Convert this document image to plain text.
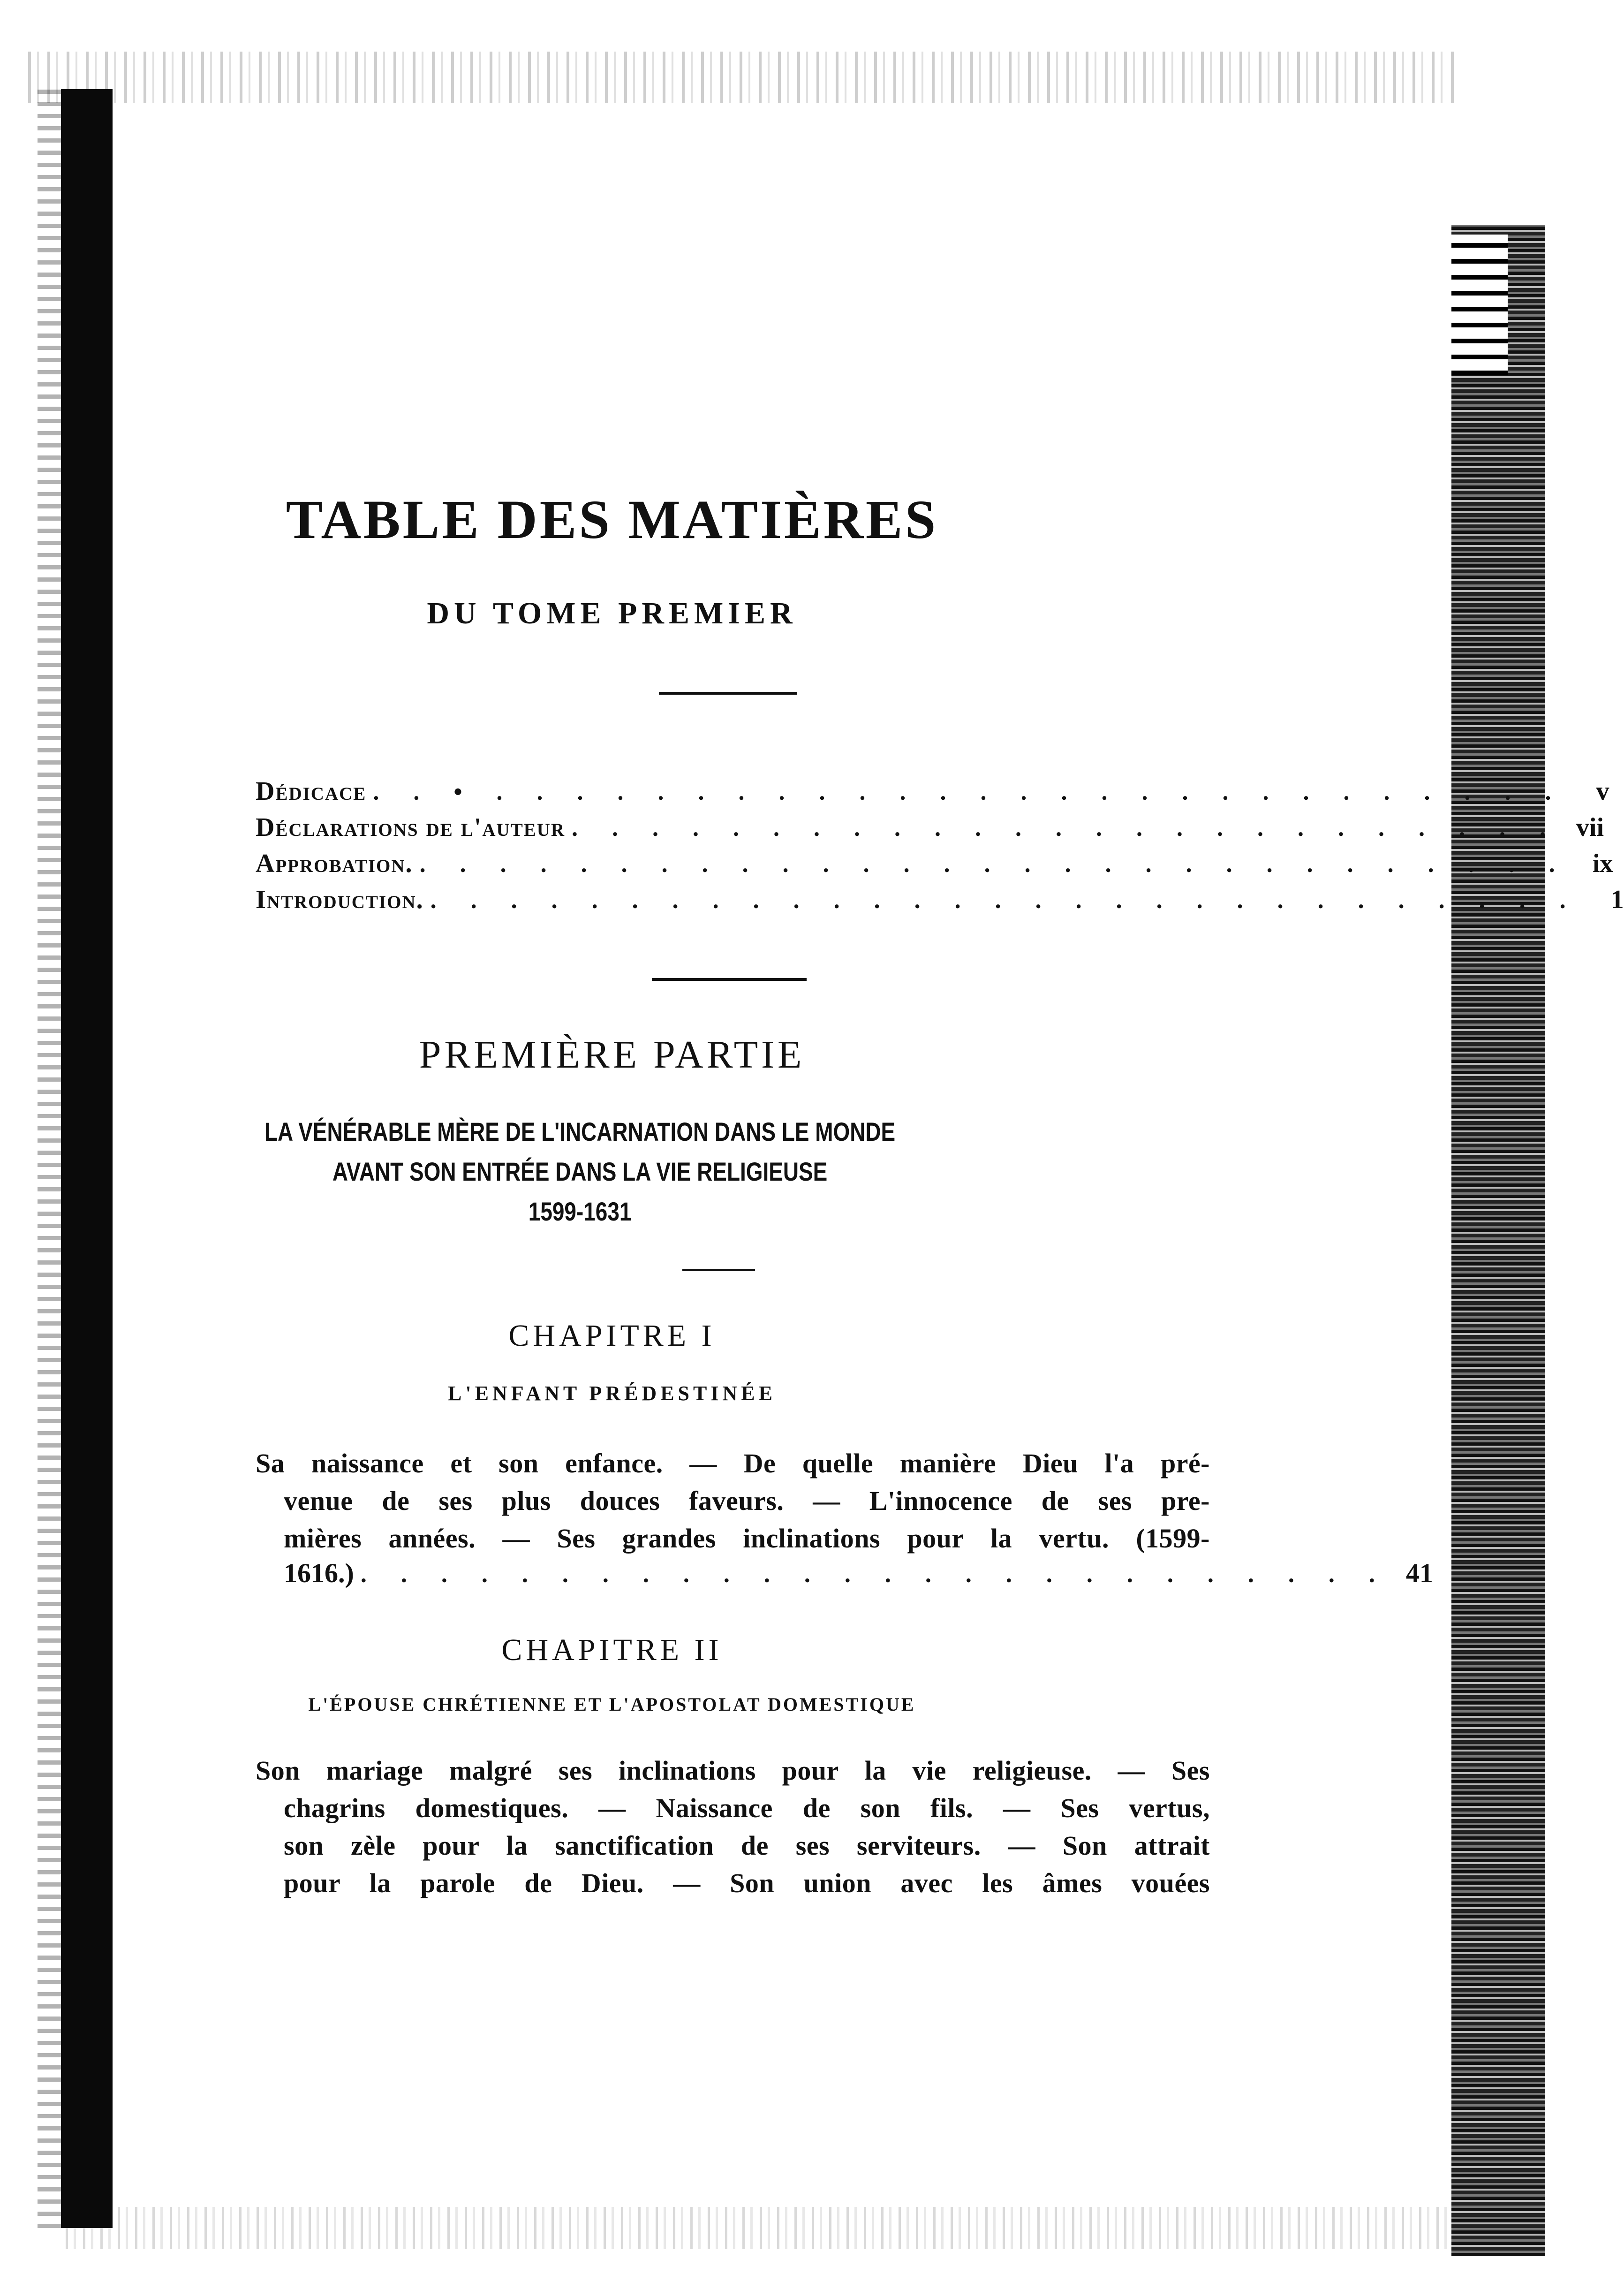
TABLE DES MATIÈRES
DU TOME PREMIER
Dédicace . . • . . . . . . . . . . . . . . . . . . . . . . . . . . .	v
Déclarations de l'auteur . . . . . . . . . . . . . . . . . . . . . . . . . vii
Approbation. . . . . . . . . . . . . . . . . . . . . . . . . . . . . . ix
Introduction. . . . . . . . . . . . . . . . . . . . . . . . . . . . . .	1
PREMIÈRE PARTIE
LA VÉNÉRABLE MÈRE DE L'INCARNATION DANS LE MONDE
AVANT SON ENTRÉE DANS LA VIE RELIGIEUSE
1599-1631
CHAPITRE I
L'ENFANT PRÉDESTINÉE
Sa naissance et son enfance. — De quelle manière Dieu l'a pré-
venue de ses plus douces faveurs. — L'innocence de ses pre-
mières années. — Ses grandes inclinations pour la vertu. (1599-
1616.) . . . . . . . . . . . . . . . . . . . . . . . . . . 41
CHAPITRE II
L'ÉPOUSE CHRÉTIENNE ET L'APOSTOLAT DOMESTIQUE
Son mariage malgré ses inclinations pour la vie religieuse. — Ses
chagrins domestiques. — Naissance de son fils. — Ses vertus,
son zèle pour la sanctification de ses serviteurs. — Son attrait
pour la parole de Dieu. — Son union avec les âmes vouées
